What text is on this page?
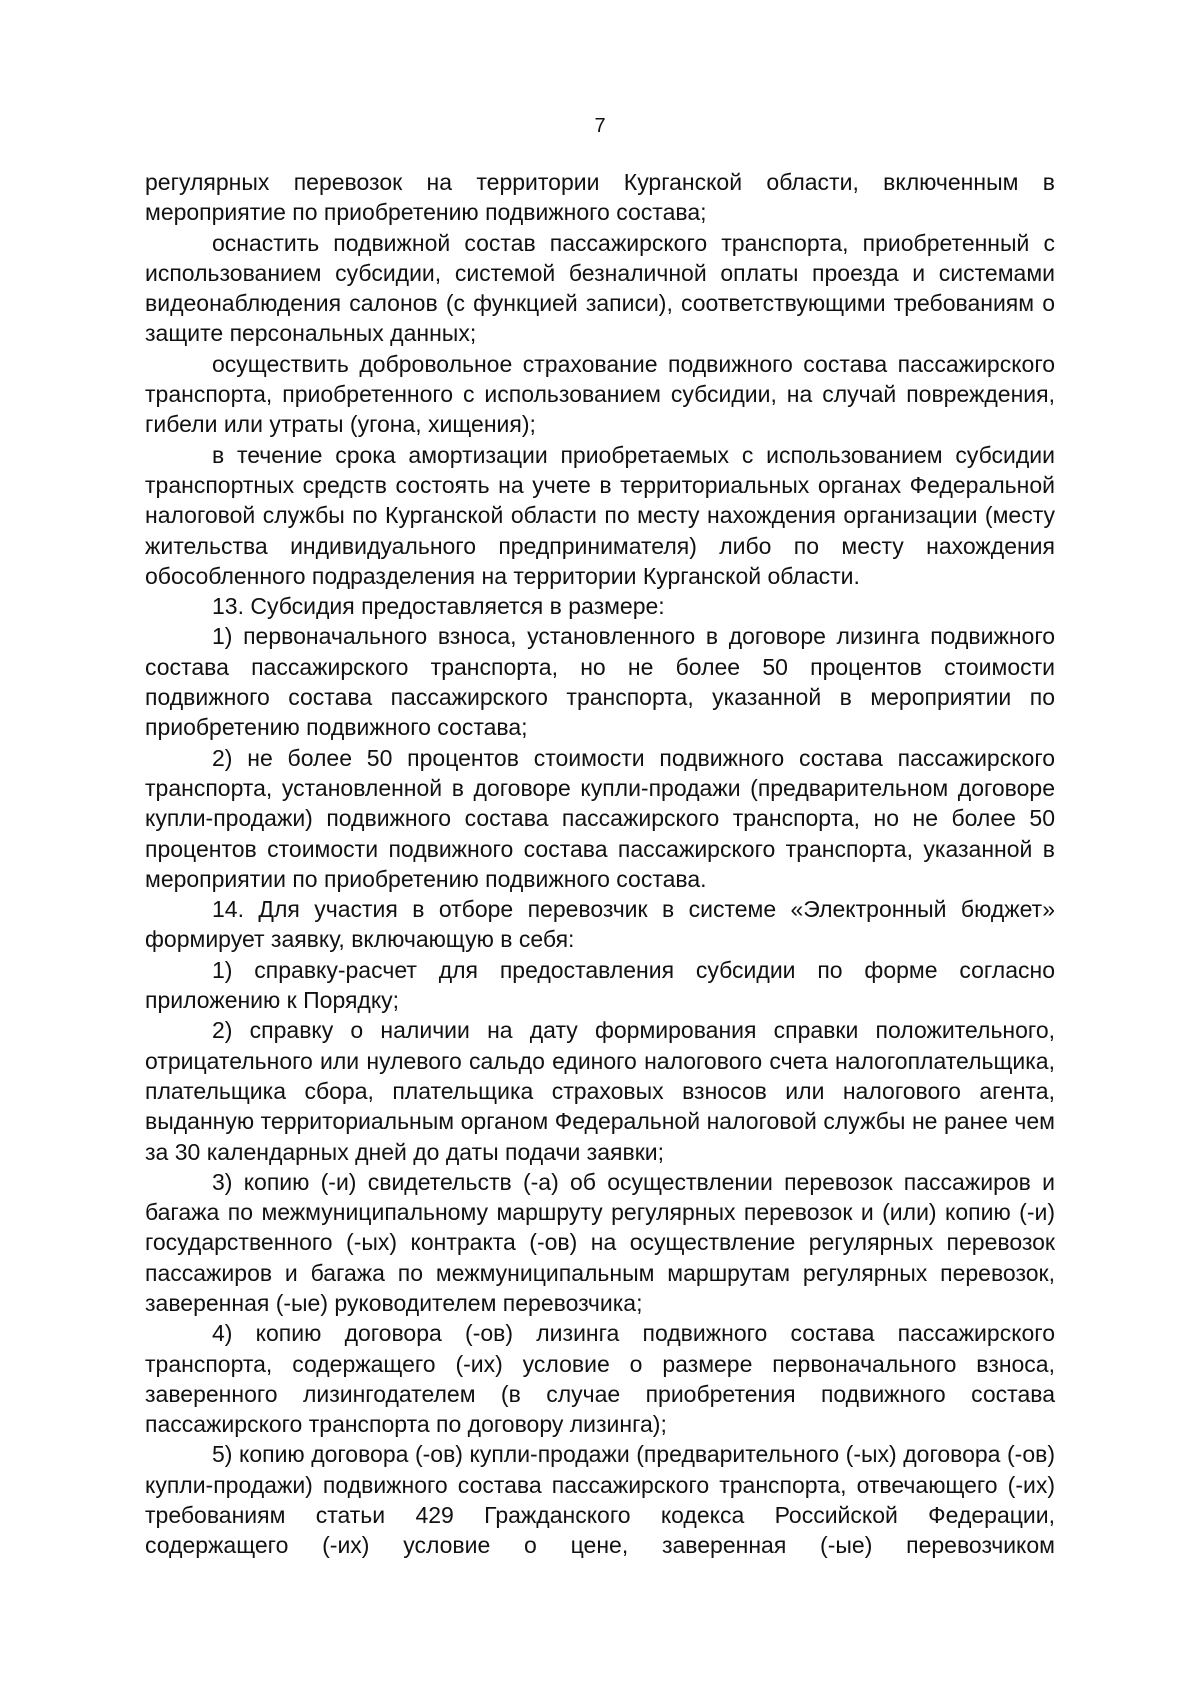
7

регулярных перевозок на территории Курганской области, включенным в мероприятие по приобретению подвижного состава;

оснастить подвижной состав пассажирского транспорта, приобретенный с использованием субсидии, системой безналичной оплаты проезда и системами видеонаблюдения салонов (с функцией записи), соответствующими требованиям о защите персональных данных;

осуществить добровольное страхование подвижного состава пассажирского транспорта, приобретенного с использованием субсидии, на случай повреждения, гибели или утраты (угона, хищения);

в течение срока амортизации приобретаемых с использованием субсидии транспортных средств состоять на учете в территориальных органах Федеральной налоговой службы по Курганской области по месту нахождения организации (месту жительства индивидуального предпринимателя) либо по месту нахождения обособленного подразделения на территории Курганской области.

13. Субсидия предоставляется в размере:

1) первоначального взноса, установленного в договоре лизинга подвижного состава пассажирского транспорта, но не более 50 процентов стоимости подвижного состава пассажирского транспорта, указанной в мероприятии по приобретению подвижного состава;

2) не более 50 процентов стоимости подвижного состава пассажирского транспорта, установленной в договоре купли-продажи (предварительном договоре купли-продажи) подвижного состава пассажирского транспорта, но не более 50 процентов стоимости подвижного состава пассажирского транспорта, указанной в мероприятии по приобретению подвижного состава.

14. Для участия в отборе перевозчик в системе «Электронный бюджет» формирует заявку, включающую в себя:

1) справку-расчет для предоставления субсидии по форме согласно приложению к Порядку;

2) справку о наличии на дату формирования справки положительного, отрицательного или нулевого сальдо единого налогового счета налогоплательщика, плательщика сбора, плательщика страховых взносов или налогового агента, выданную территориальным органом Федеральной налоговой службы не ранее чем за 30 календарных дней до даты подачи заявки;

3) копию (-и) свидетельств (-а) об осуществлении перевозок пассажиров и багажа по межмуниципальному маршруту регулярных перевозок и (или) копию (-и) государственного (-ых) контракта (-ов) на осуществление регулярных перевозок пассажиров и багажа по межмуниципальным маршрутам регулярных перевозок, заверенная (-ые) руководителем перевозчика;

4) копию договора (-ов) лизинга подвижного состава пассажирского транспорта, содержащего (-их) условие о размере первоначального взноса, заверенного лизингодателем (в случае приобретения подвижного состава пассажирского транспорта по договору лизинга);

5) копию договора (-ов) купли-продажи (предварительного (-ых) договора (-ов) купли-продажи) подвижного состава пассажирского транспорта, отвечающего (-их) требованиям статьи 429 Гражданского кодекса Российской Федерации, содержащего (-их) условие о цене, заверенная (-ые) перевозчиком
